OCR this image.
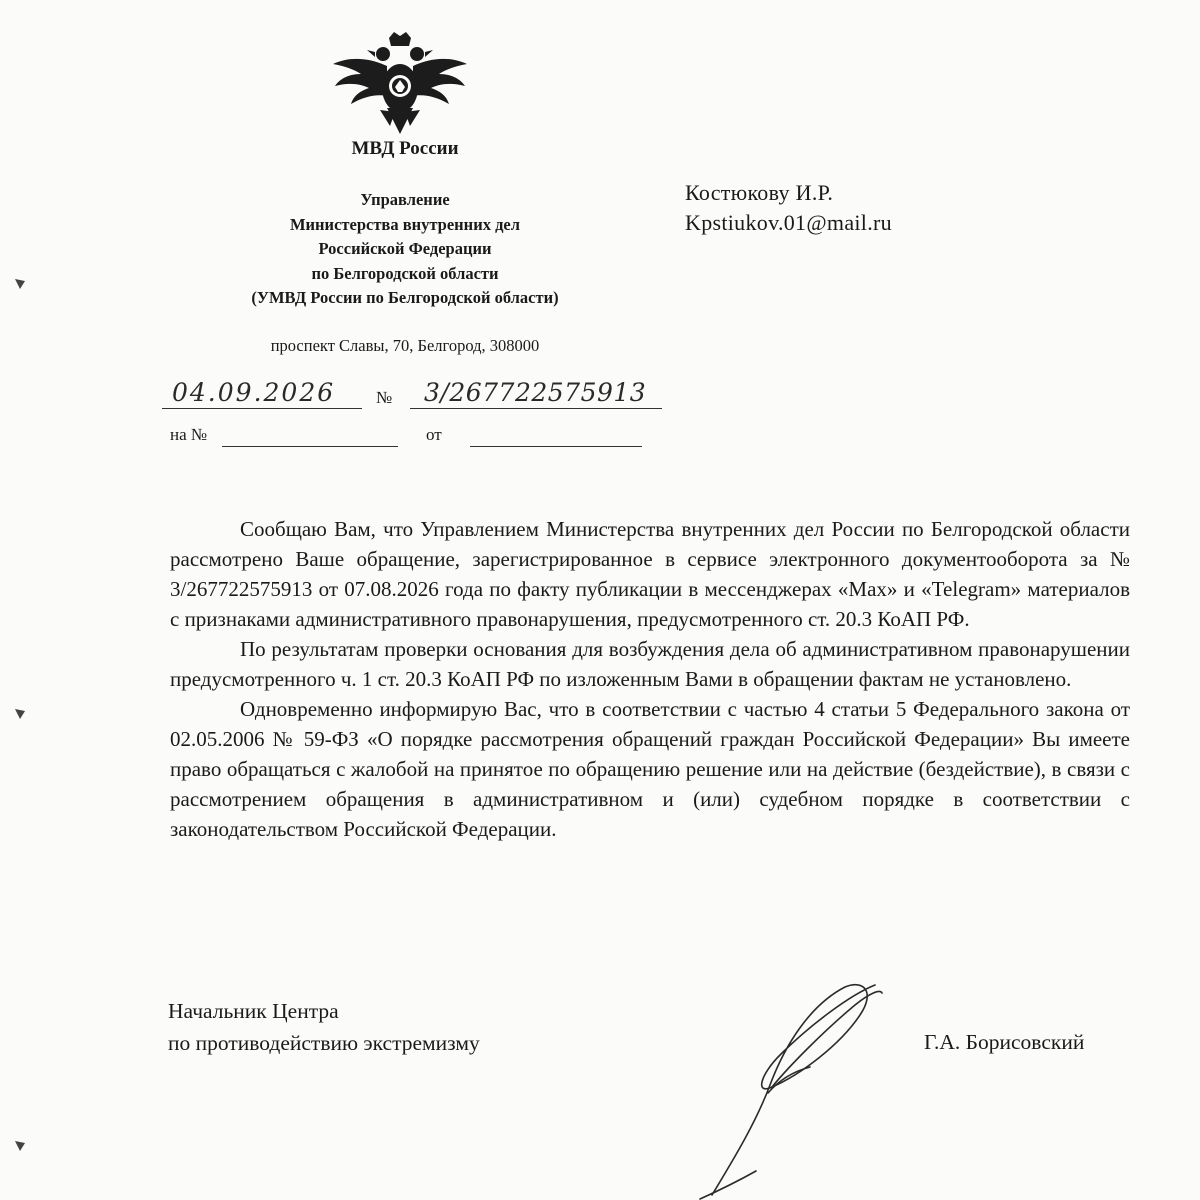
МВД России
Управление
Министерства внутренних дел
Российской Федерации
по Белгородской области
(УМВД России по Белгородской области)
проспект Славы, 70, Белгород, 308000
Костюкову И.Р.
Kpstiukov.01@mail.ru
04.09.2026 № 3/267722575913
на №	от

Сообщаю Вам, что Управлением Министерства внутренних дел России по Белгородской области рассмотрено Ваше обращение, зарегистрированное в сервисе электронного документооборота за № 3/267722575913 от 07.08.2026 года по факту публикации в мессенджерах «Max» и «Telegram» материалов с признаками административного правонарушения, предусмотренного ст. 20.3 КоАП РФ.

По результатам проверки основания для возбуждения дела об административном правонарушении предусмотренного ч. 1 ст. 20.3 КоАП РФ по изложенным Вами в обращении фактам не установлено.

Одновременно информирую Вас, что в соответствии с частью 4 статьи 5 Федерального закона от 02.05.2006 № 59-ФЗ «О порядке рассмотрения обращений граждан Российской Федерации» Вы имеете право обращаться с жалобой на принятое по обращению решение или на действие (бездействие), в связи с рассмотрением обращения в административном и (или) судебном порядке в соответствии с законодательством Российской Федерации.

Начальник Центра
по противодействию экстремизму	Г.А. Борисовский
